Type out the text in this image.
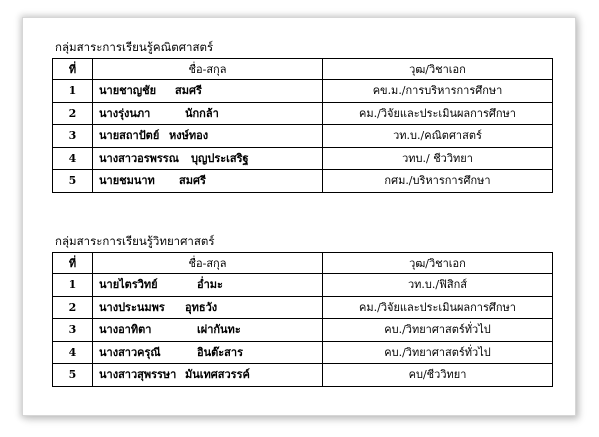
กลุ่มสาระการเรียนรู้คณิตศาสตร์
ที่	ชื่อ-สกุล	วุฒ/วิชาเอก
1	นายชาญชัย สมศรี	คข.ม./การบริหารการศึกษา
2	นางรุ่งนภา นักกล้า	คม./วิจัยและประเมินผลการศึกษา
3	นายสถาปัตย์ หงษ์ทอง	วท.บ./คณิตศาสตร์
4	นางสาวอรพรรณ บุญประเสริฐ	วทบ./ ชีววิทยา
5	นายชมนาท สมศรี	กศม./บริหารการศึกษา
กลุ่มสาระการเรียนรู้วิทยาศาสตร์
ที่	ชื่อ-สกุล	วุฒ/วิชาเอก
1	นายไตรวิทย์ อ่ำมะ	วท.บ./ฟิสิกส์
2	นางประนมพร อุทธวัง	คม./วิจัยและประเมินผลการศึกษา
3	นางอาทิตา เผ่ากันทะ	คบ./วิทยาศาสตร์ทั่วไป
4	นางสาวครุณี อินต๊ะสาร	คบ./วิทยาศาสตร์ทั่วไป
5	นางสาวสุพรรษา มันเทศสวรรค์	คบ/ชีววิทยา
